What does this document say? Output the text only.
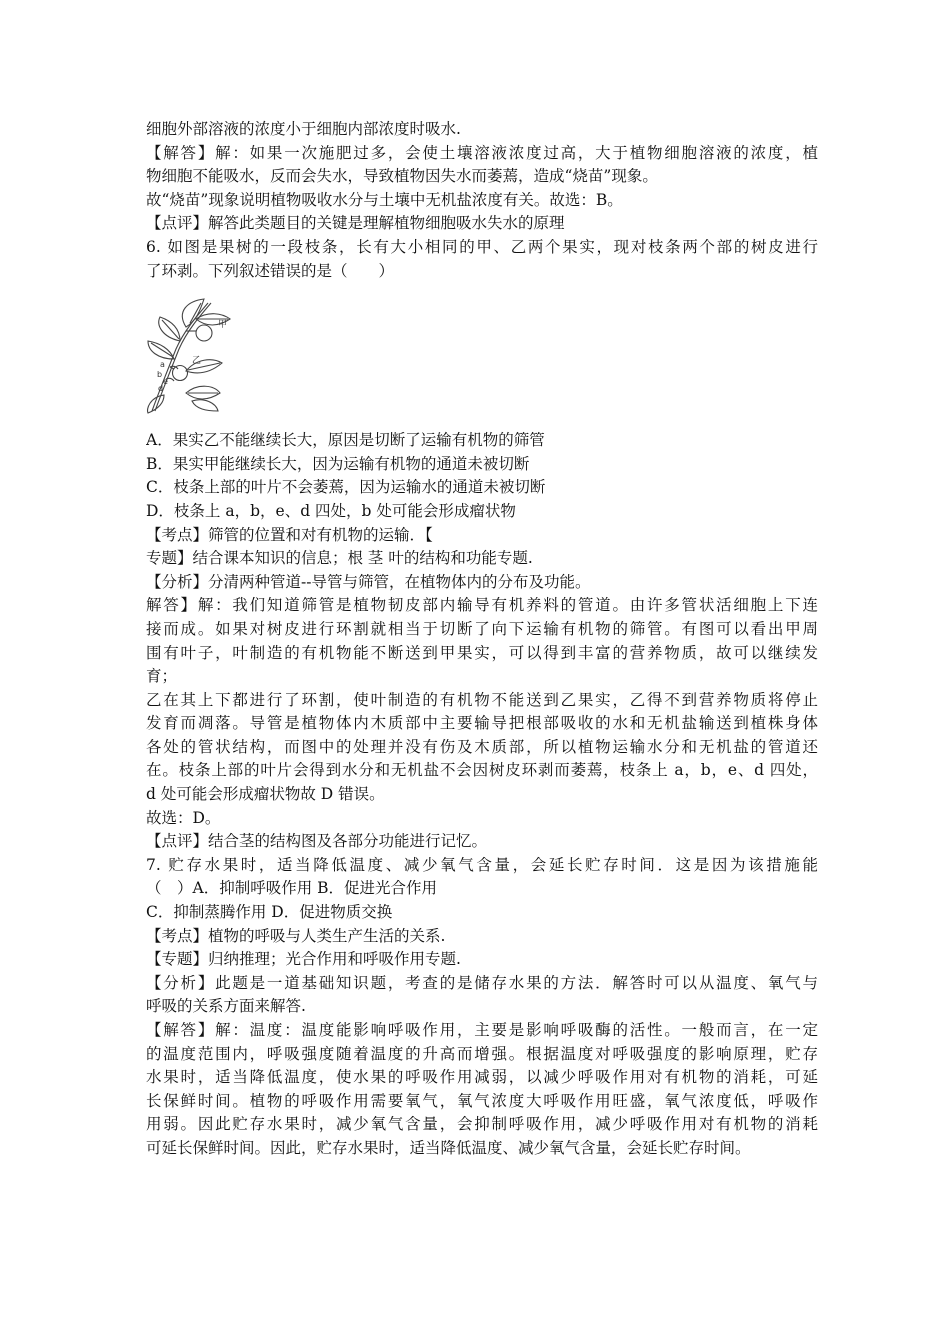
细胞外部溶液的浓度小于细胞内部浓度时吸水.
【解答】解：如果一次施肥过多，会使土壤溶液浓度过高，大于植物细胞溶液的浓度，植
物细胞不能吸水，反而会失水，导致植物因失水而萎蔫，造成“烧苗”现象。
故“烧苗”现象说明植物吸收水分与土壤中无机盐浓度有关。故选：B。
【点评】解答此类题目的关键是理解植物细胞吸水失水的原理
6. 如图是果树的一段枝条，长有大小相同的甲、乙两个果实，现对枝条两个部的树皮进行
了环剥。下列叙述错误的是（　　）
甲
乙
a
b
e
d
A．果实乙不能继续长大，原因是切断了运输有机物的筛管
B．果实甲能继续长大，因为运输有机物的通道未被切断
C．枝条上部的叶片不会萎蔫，因为运输水的通道未被切断
D．枝条上 a，b，e、d 四处，b 处可能会形成瘤状物
【考点】筛管的位置和对有机物的运输．【
专题】结合课本知识的信息；根 茎 叶的结构和功能专题.
【分析】分清两种管道--导管与筛管，在植物体内的分布及功能。
解答】解：我们知道筛管是植物韧皮部内输导有机养料的管道。由许多管状活细胞上下连
接而成。如果对树皮进行环割就相当于切断了向下运输有机物的筛管。有图可以看出甲周
围有叶子，叶制造的有机物能不断送到甲果实，可以得到丰富的营养物质，故可以继续发
育；
乙在其上下都进行了环割，使叶制造的有机物不能送到乙果实，乙得不到营养物质将停止
发育而凋落。导管是植物体内木质部中主要输导把根部吸收的水和无机盐输送到植株身体
各处的管状结构，而图中的处理并没有伤及木质部，所以植物运输水分和无机盐的管道还
在。枝条上部的叶片会得到水分和无机盐不会因树皮环剥而萎蔫，枝条上 a，b，e、d 四处，
d 处可能会形成瘤状物故 D 错误。
故选：D。
【点评】结合茎的结构图及各部分功能进行记忆。
7. 贮存水果时，适当降低温度、减少氧气含量，会延长贮存时间．这是因为该措施能
（　）A．抑制呼吸作用 B．促进光合作用
C．抑制蒸腾作用 D．促进物质交换
【考点】植物的呼吸与人类生产生活的关系.
【专题】归纳推理；光合作用和呼吸作用专题.
【分析】此题是一道基础知识题，考查的是储存水果的方法．解答时可以从温度、氧气与
呼吸的关系方面来解答.
【解答】解：温度：温度能影响呼吸作用，主要是影响呼吸酶的活性。一般而言，在一定
的温度范围内，呼吸强度随着温度的升高而增强。根据温度对呼吸强度的影响原理，贮存
水果时，适当降低温度，使水果的呼吸作用减弱，以减少呼吸作用对有机物的消耗，可延
长保鲜时间。植物的呼吸作用需要氧气，氧气浓度大呼吸作用旺盛，氧气浓度低，呼吸作
用弱。因此贮存水果时，减少氧气含量，会抑制呼吸作用，减少呼吸作用对有机物的消耗
可延长保鲜时间。因此，贮存水果时，适当降低温度、减少氧气含量，会延长贮存时间。
